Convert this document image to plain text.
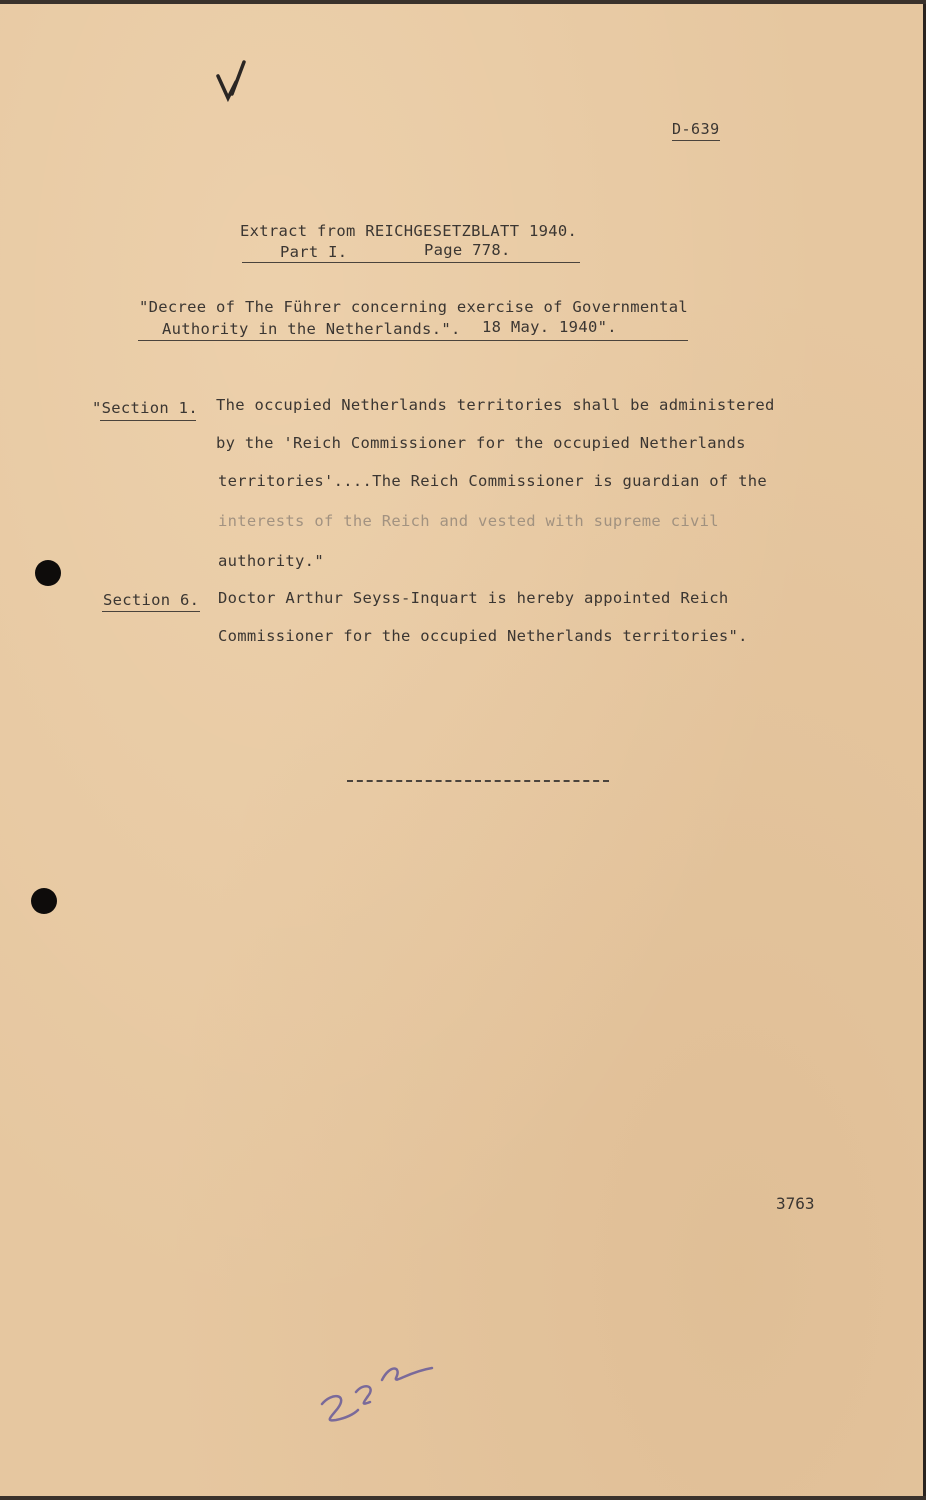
D-639
Extract from REICHGESETZBLATT 1940.
Part I.	Page 778.
"Decree of The Führer concerning exercise of Governmental
Authority in the Netherlands.". 18 May. 1940".
"Section 1. The occupied Netherlands territories shall be administered
by the 'Reich Commissioner for the occupied Netherlands
territories'....The Reich Commissioner is guardian of the
interests of the Reich and vested with supreme civil
authority."
Section 6. Doctor Arthur Seyss-Inquart is hereby appointed Reich
Commissioner for the occupied Netherlands territories".
3763
